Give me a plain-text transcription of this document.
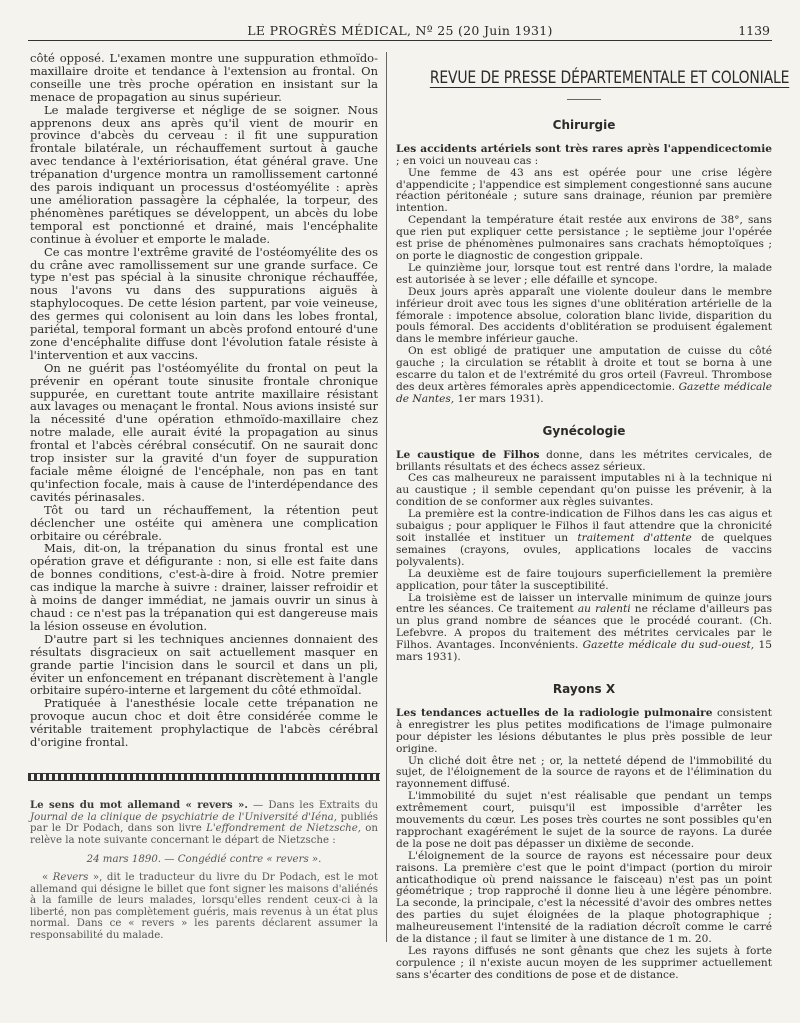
LE PROGRÈS MÉDICAL, Nº 25 (20 Juin 1931)	1139

côté opposé. L'examen montre une suppuration ethmoïdo-maxillaire droite et tendance à l'extension au frontal. On conseille une très proche opération en insistant sur la menace de propagation au sinus supérieur.

Le malade tergiverse et néglige de se soigner. Nous apprenons deux ans après qu'il vient de mourir en province d'abcès du cerveau : il fit une suppuration frontale bilatérale, un réchauffement surtout à gauche avec tendance à l'extériorisation, état général grave. Une trépanation d'urgence montra un ramollissement cartonné des parois indiquant un processus d'ostéomyélite : après une amélioration passagère la céphalée, la torpeur, des phénomènes parétiques se développent, un abcès du lobe temporal est ponctionné et drainé, mais l'encéphalite continue à évoluer et emporte le malade.

Ce cas montre l'extrême gravité de l'ostéomyélite des os du crâne avec ramollissement sur une grande surface. Ce type n'est pas spécial à la sinusite chronique réchauffée, nous l'avons vu dans des suppurations aiguës à staphylocoques. De cette lésion partent, par voie veineuse, des germes qui colonisent au loin dans les lobes frontal, pariétal, temporal formant un abcès profond entouré d'une zone d'encéphalite diffuse dont l'évolution fatale résiste à l'intervention et aux vaccins.

On ne guérit pas l'ostéomyélite du frontal on peut la prévenir en opérant toute sinusite frontale chronique suppurée, en curettant toute antrite maxillaire résistant aux lavages ou menaçant le frontal. Nous avions insisté sur la nécessité d'une opération ethmoïdo-maxillaire chez notre malade, elle aurait évité la propagation au sinus frontal et l'abcès cérébral consécutif. On ne saurait donc trop insister sur la gravité d'un foyer de suppuration faciale même éloigné de l'encéphale, non pas en tant qu'infection focale, mais à cause de l'interdépendance des cavités périnasales.

Tôt ou tard un réchauffement, la rétention peut déclencher une ostéite qui amènera une complication orbitaire ou cérébrale.

Mais, dit-on, la trépanation du sinus frontal est une opération grave et défigurante : non, si elle est faite dans de bonnes conditions, c'est-à-dire à froid. Notre premier cas indique la marche à suivre : drainer, laisser refroidir et à moins de danger immédiat, ne jamais ouvrir un sinus à chaud : ce n'est pas la trépanation qui est dangereuse mais la lésion osseuse en évolution.

D'autre part si les techniques anciennes donnaient des résultats disgracieux on sait actuellement masquer en grande partie l'incision dans le sourcil et dans un pli, éviter un enfoncement en trépanant discrètement à l'angle orbitaire supéro-interne et largement du côté ethmoïdal.

Pratiquée à l'anesthésie locale cette trépanation ne provoque aucun choc et doit être considérée comme le véritable traitement prophylactique de l'abcès cérébral d'origine frontal.

Le sens du mot allemand « revers ». — Dans les Extraits du Journal de la clinique de psychiatrie de l'Université d'Iéna, publiés par le Dr Podach, dans son livre L'effondrement de Nietzsche, on relève la note suivante concernant le départ de Nietzsche :

24 mars 1890. — Congédié contre « revers ».

« Revers », dit le traducteur du livre du Dr Podach, est le mot allemand qui désigne le billet que font signer les maisons d'aliénés à la famille de leurs malades, lorsqu'elles rendent ceux-ci à la liberté, non pas complètement guéris, mais revenus à un état plus normal. Dans ce « revers » les parents déclarent assumer la responsabilité du malade.

REVUE DE PRESSE DÉPARTEMENTALE ET COLONIALE
Chirurgie

Les accidents artériels sont très rares après l'appendicectomie ; en voici un nouveau cas :

Une femme de 43 ans est opérée pour une crise légère d'appendicite ; l'appendice est simplement congestionné sans aucune réaction péritonéale ; suture sans drainage, réunion par première intention.

Cependant la température était restée aux environs de 38°, sans que rien put expliquer cette persistance ; le septième jour l'opérée est prise de phénomènes pulmonaires sans crachats hémoptoïques ; on porte le diagnostic de congestion grippale.

Le quinzième jour, lorsque tout est rentré dans l'ordre, la malade est autorisée à se lever ; elle défaille et syncope.

Deux jours après apparaît une violente douleur dans le membre inférieur droit avec tous les signes d'une oblitération artérielle de la fémorale : impotence absolue, coloration blanc livide, disparition du pouls fémoral. Des accidents d'oblitération se produisent également dans le membre inférieur gauche.

On est obligé de pratiquer une amputation de cuisse du côté gauche ; la circulation se rétablit à droite et tout se borna à une escarre du talon et de l'extrémité du gros orteil (Favreul. Thrombose des deux artères fémorales après appendicectomie. Gazette médicale de Nantes, 1er mars 1931).

Gynécologie

Le caustique de Filhos donne, dans les métrites cervicales, de brillants résultats et des échecs assez sérieux.

Ces cas malheureux ne paraissent imputables ni à la technique ni au caustique ; il semble cependant qu'on puisse les prévenir, à la condition de se conformer aux règles suivantes.

La première est la contre-indication de Filhos dans les cas aigus et subaigus ; pour appliquer le Filhos il faut attendre que la chronicité soit installée et instituer un traitement d'attente de quelques semaines (crayons, ovules, applications locales de vaccins polyvalents).

La deuxième est de faire toujours superficiellement la première application, pour tâter la susceptibilité.

La troisième est de laisser un intervalle minimum de quinze jours entre les séances. Ce traitement au ralenti ne réclame d'ailleurs pas un plus grand nombre de séances que le procédé courant. (Ch. Lefebvre. A propos du traitement des métrites cervicales par le Filhos. Avantages. Inconvénients. Gazette médicale du sud-ouest, 15 mars 1931).

Rayons X

Les tendances actuelles de la radiologie pulmonaire consistent à enregistrer les plus petites modifications de l'image pulmonaire pour dépister les lésions débutantes le plus près possible de leur origine.

Un cliché doit être net ; or, la netteté dépend de l'immobilité du sujet, de l'éloignement de la source de rayons et de l'élimination du rayonnement diffusé.

L'immobilité du sujet n'est réalisable que pendant un temps extrêmement court, puisqu'il est impossible d'arrêter les mouvements du cœur. Les poses très courtes ne sont possibles qu'en rapprochant exagérément le sujet de la source de rayons. La durée de la pose ne doit pas dépasser un dixième de seconde.

L'éloignement de la source de rayons est nécessaire pour deux raisons. La première c'est que le point d'impact (portion du miroir anticathodique où prend naissance le faisceau) n'est pas un point géométrique ; trop rapproché il donne lieu à une légère pénombre. La seconde, la principale, c'est la nécessité d'avoir des ombres nettes des parties du sujet éloignées de la plaque photographique ; malheureusement l'intensité de la radiation décroît comme le carré de la distance ; il faut se limiter à une distance de 1 m. 20.

Les rayons diffusés ne sont gênants que chez les sujets à forte corpulence ; il n'existe aucun moyen de les supprimer actuellement sans s'écarter des conditions de pose et de distance.
